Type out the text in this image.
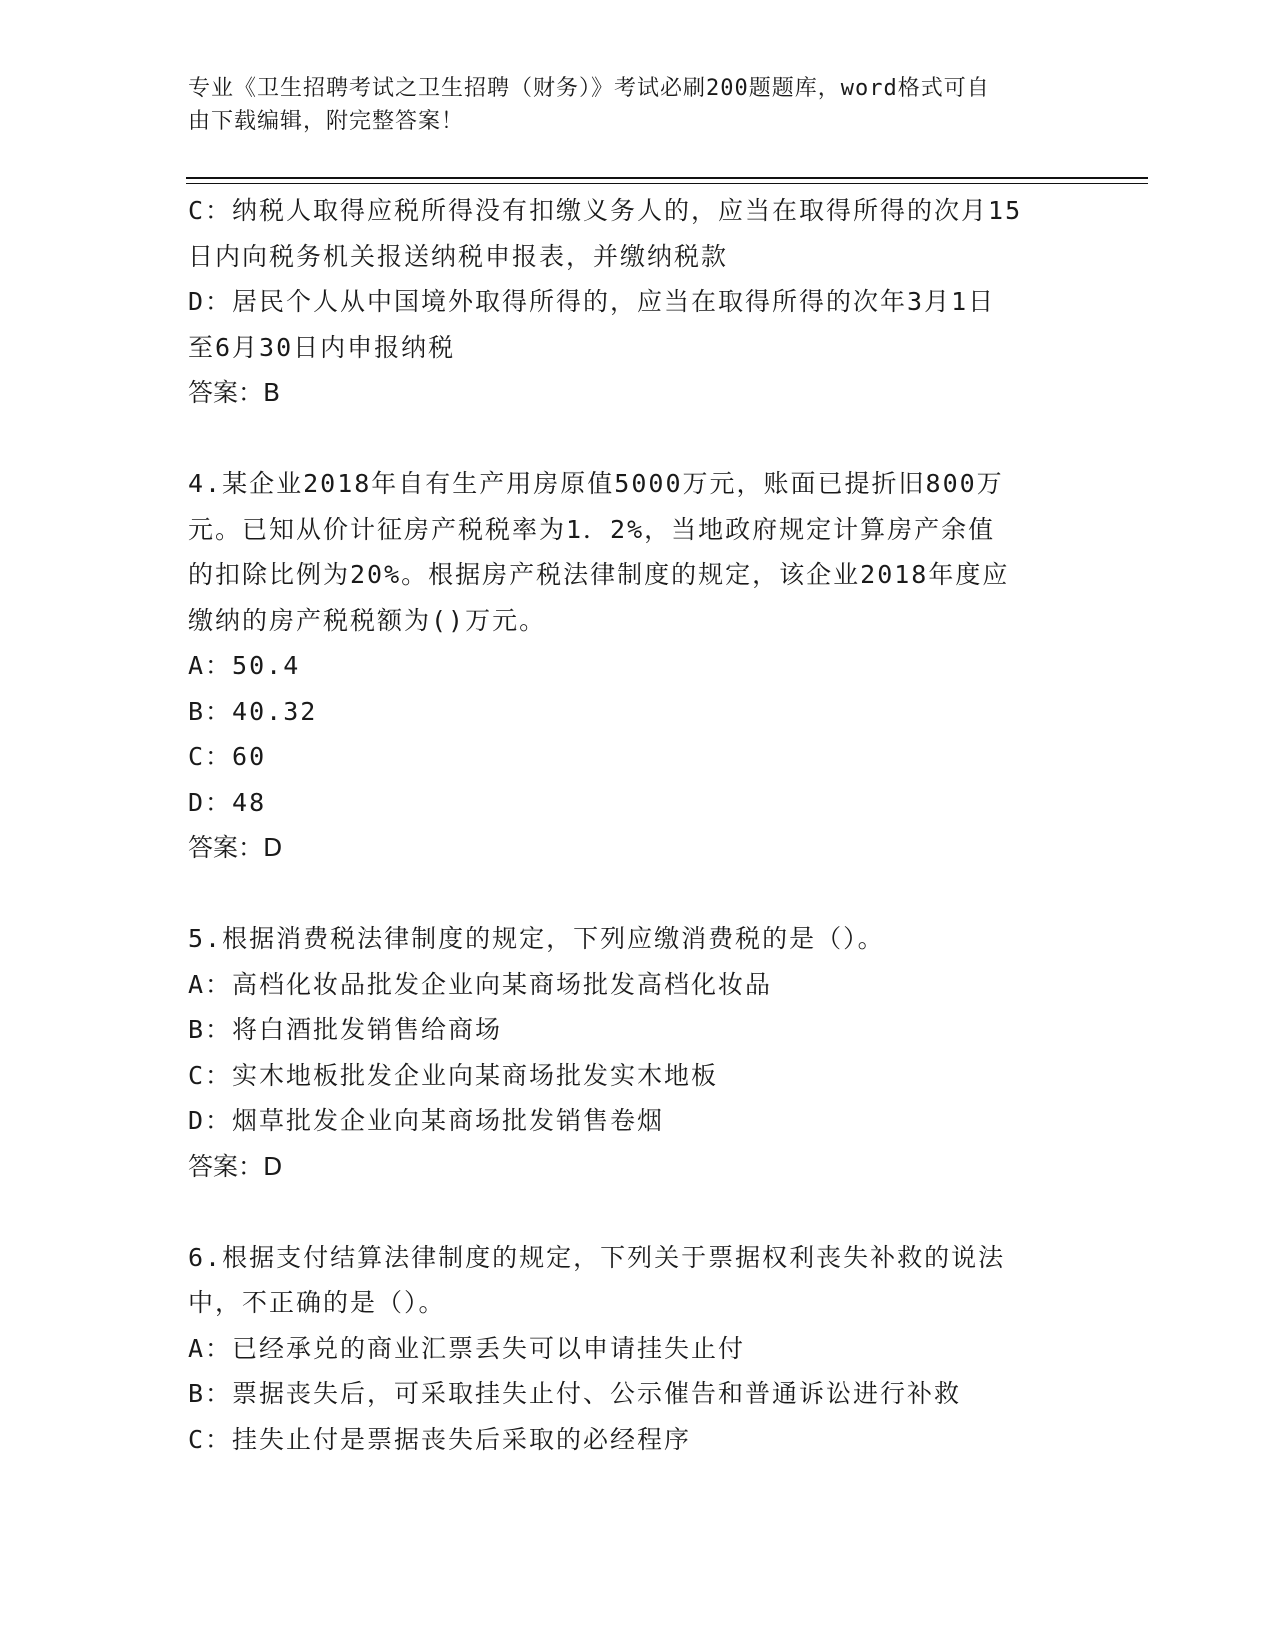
专业《卫生招聘考试之卫生招聘（财务）》考试必刷200题题库，word格式可自
由下载编辑，附完整答案！
C：纳税人取得应税所得没有扣缴义务人的，应当在取得所得的次月15
日内向税务机关报送纳税申报表，并缴纳税款
D：居民个人从中国境外取得所得的，应当在取得所得的次年3月1日
至6月30日内申报纳税
答案：B
4.某企业2018年自有生产用房原值5000万元，账面已提折旧800万
元。已知从价计征房产税税率为1．2%，当地政府规定计算房产余值
的扣除比例为20%。根据房产税法律制度的规定，该企业2018年度应
缴纳的房产税税额为()万元。
A：50.4
B：40.32
C：60
D：48
答案：D
5.根据消费税法律制度的规定，下列应缴消费税的是（）。
A：高档化妆品批发企业向某商场批发高档化妆品
B：将白酒批发销售给商场
C：实木地板批发企业向某商场批发实木地板
D：烟草批发企业向某商场批发销售卷烟
答案：D
6.根据支付结算法律制度的规定，下列关于票据权利丧失补救的说法
中，不正确的是（）。
A：已经承兑的商业汇票丢失可以申请挂失止付
B：票据丧失后，可采取挂失止付、公示催告和普通诉讼进行补救
C：挂失止付是票据丧失后采取的必经程序
